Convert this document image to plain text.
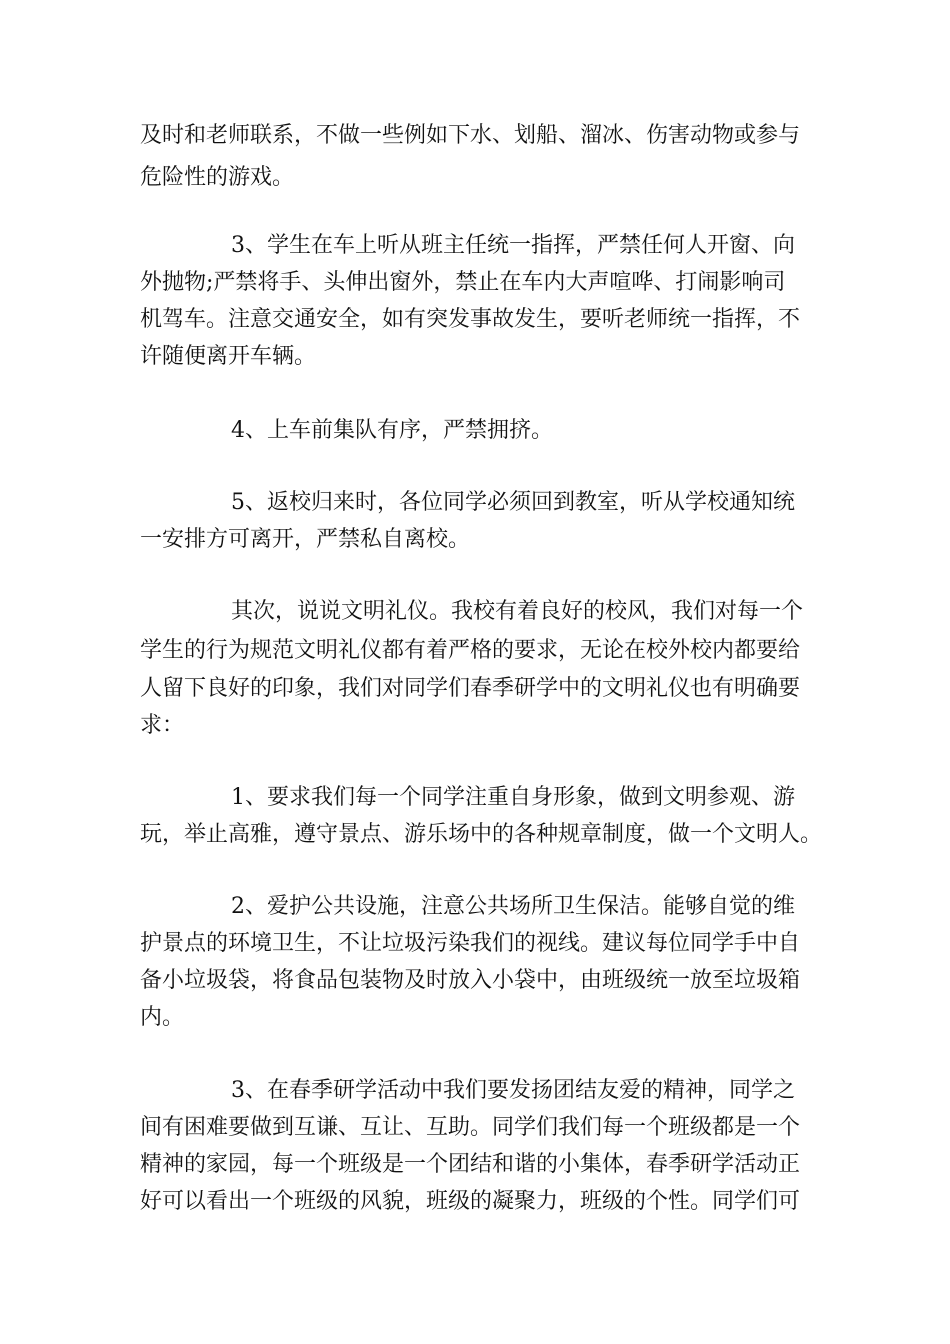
及时和老师联系，不做一些例如下水、划船、溜冰、伤害动物或参与

危险性的游戏。

3、学生在车上听从班主任统一指挥，严禁任何人开窗、向

外抛物;严禁将手、头伸出窗外，禁止在车内大声喧哗、打闹影响司

机驾车。注意交通安全，如有突发事故发生，要听老师统一指挥，不

许随便离开车辆。

4、上车前集队有序，严禁拥挤。

5、返校归来时，各位同学必须回到教室，听从学校通知统

一安排方可离开，严禁私自离校。

其次，说说文明礼仪。我校有着良好的校风，我们对每一个

学生的行为规范文明礼仪都有着严格的要求，无论在校外校内都要给

人留下良好的印象，我们对同学们春季研学中的文明礼仪也有明确要

求：

1、要求我们每一个同学注重自身形象，做到文明参观、游

玩，举止高雅，遵守景点、游乐场中的各种规章制度，做一个文明人。

2、爱护公共设施，注意公共场所卫生保洁。能够自觉的维

护景点的环境卫生，不让垃圾污染我们的视线。建议每位同学手中自

备小垃圾袋，将食品包装物及时放入小袋中，由班级统一放至垃圾箱

内。

3、在春季研学活动中我们要发扬团结友爱的精神，同学之

间有困难要做到互谦、互让、互助。同学们我们每一个班级都是一个

精神的家园，每一个班级是一个团结和谐的小集体，春季研学活动正

好可以看出一个班级的风貌，班级的凝聚力，班级的个性。同学们可
